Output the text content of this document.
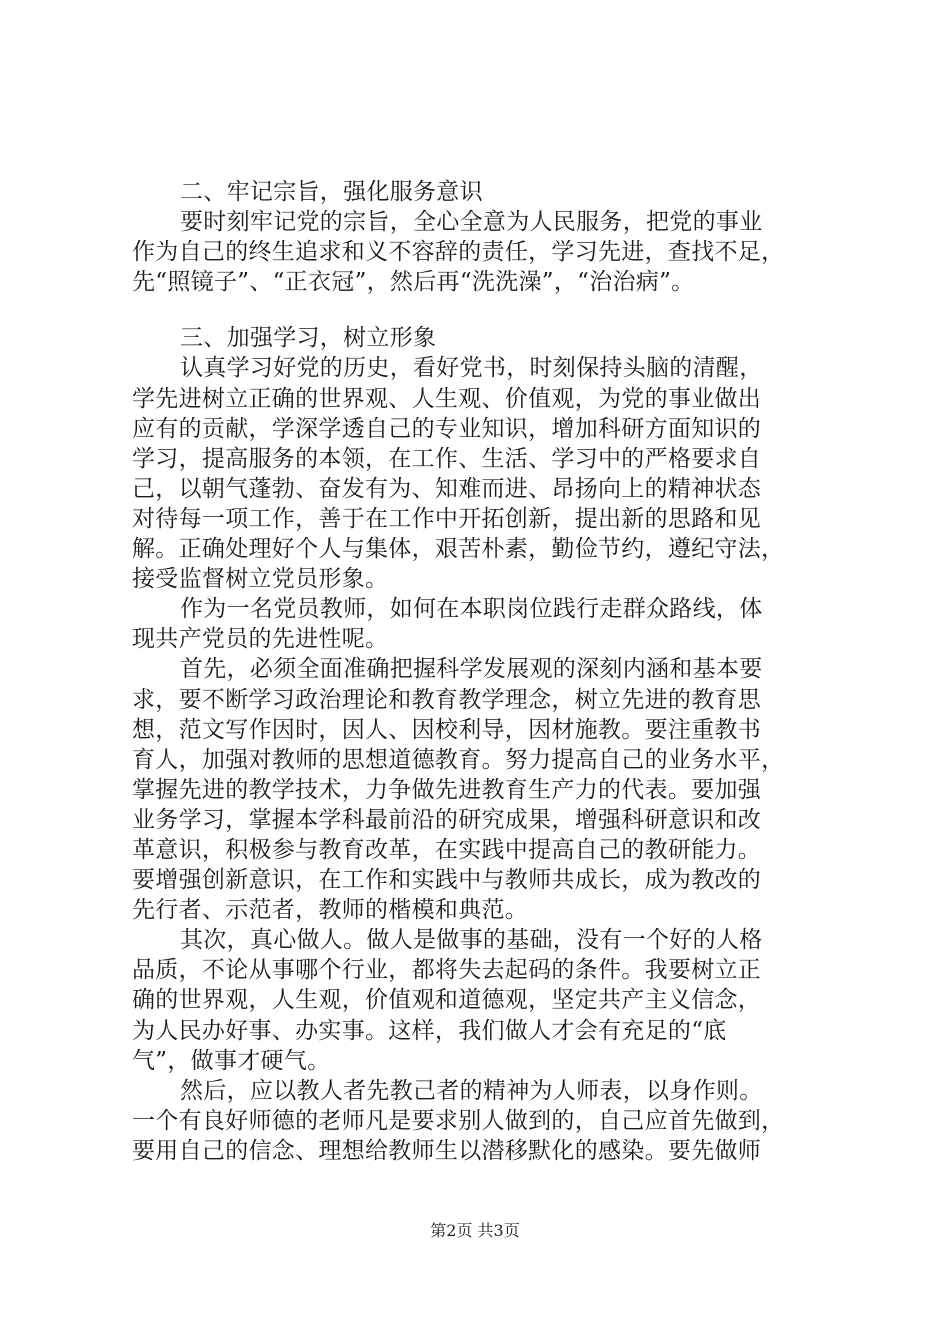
二、牢记宗旨，强化服务意识
要时刻牢记党的宗旨，全心全意为人民服务，把党的事业
作为自己的终生追求和义不容辞的责任，学习先进，查找不足，
先“照镜子”、“正衣冠”，然后再“洗洗澡”，“治治病”。
三、加强学习，树立形象
认真学习好党的历史，看好党书，时刻保持头脑的清醒，
学先进树立正确的世界观、人生观、价值观，为党的事业做出
应有的贡献，学深学透自己的专业知识，增加科研方面知识的
学习，提高服务的本领，在工作、生活、学习中的严格要求自
己，以朝气蓬勃、奋发有为、知难而进、昂扬向上的精神状态
对待每一项工作，善于在工作中开拓创新，提出新的思路和见
解。正确处理好个人与集体，艰苦朴素，勤俭节约，遵纪守法，
接受监督树立党员形象。
作为一名党员教师，如何在本职岗位践行走群众路线，体
现共产党员的先进性呢。
首先，必须全面准确把握科学发展观的深刻内涵和基本要
求，要不断学习政治理论和教育教学理念，树立先进的教育思
想，范文写作因时，因人、因校利导，因材施教。要注重教书
育人，加强对教师的思想道德教育。努力提高自己的业务水平，
掌握先进的教学技术，力争做先进教育生产力的代表。要加强
业务学习，掌握本学科最前沿的研究成果，增强科研意识和改
革意识，积极参与教育改革，在实践中提高自己的教研能力。
要增强创新意识，在工作和实践中与教师共成长，成为教改的
先行者、示范者，教师的楷模和典范。
其次，真心做人。做人是做事的基础，没有一个好的人格
品质，不论从事哪个行业，都将失去起码的条件。我要树立正
确的世界观，人生观，价值观和道德观，坚定共产主义信念，
为人民办好事、办实事。这样，我们做人才会有充足的“底
气”，做事才硬气。
然后，应以教人者先教己者的精神为人师表，以身作则。
一个有良好师德的老师凡是要求别人做到的，自己应首先做到，
要用自己的信念、理想给教师生以潜移默化的感染。要先做师
第2页 共3页
